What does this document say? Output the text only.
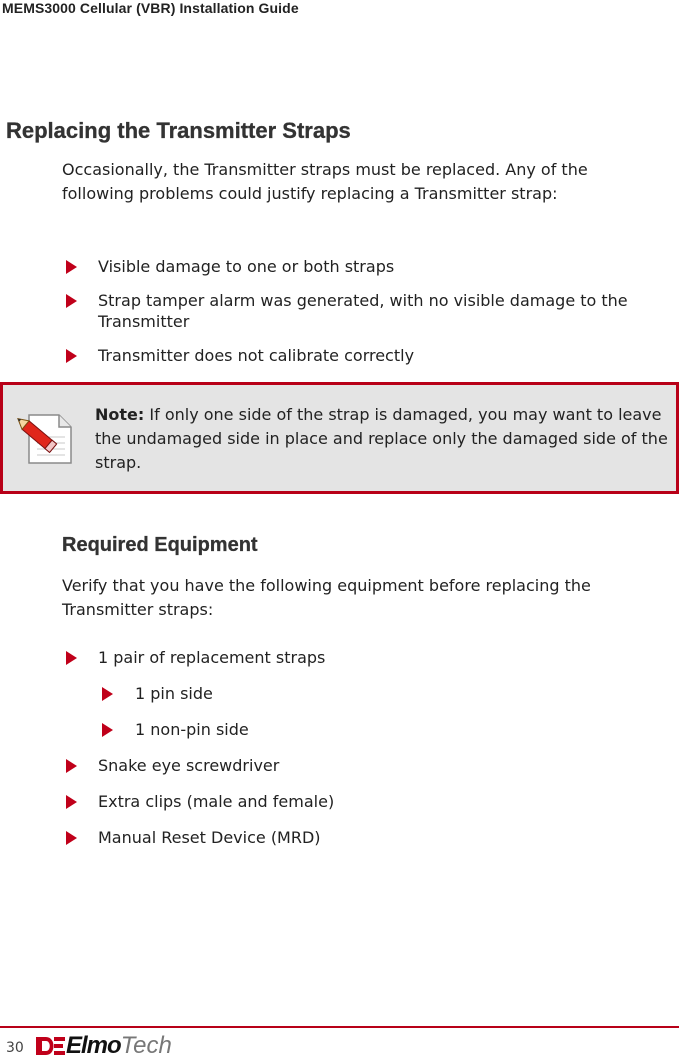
MEMS3000 Cellular (VBR) Installation Guide
Replacing the Transmitter Straps

Occasionally, the Transmitter straps must be replaced. Any of the following problems could justify replacing a Transmitter strap:

Visible damage to one or both straps
Strap tamper alarm was generated, with no visible damage to the Transmitter
Transmitter does not calibrate correctly
Note: If only one side of the strap is damaged, you may want to leave the undamaged side in place and replace only the damaged side of the strap.
Required Equipment

Verify that you have the following equipment before replacing the Transmitter straps:

1 pair of replacement straps
1 pin side
1 non-pin side
Snake eye screwdriver
Extra clips (male and female)
Manual Reset Device (MRD)
30 Elmo Tech
